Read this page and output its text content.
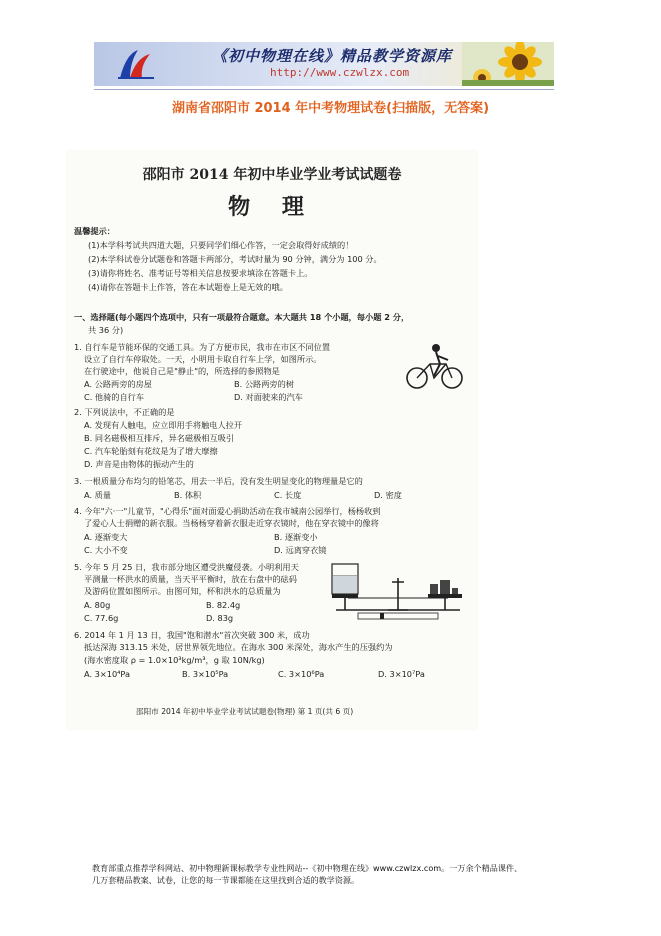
《初中物理在线》精品教学资源库
http://www.czwlzx.com
湖南省邵阳市 2014 年中考物理试卷(扫描版，无答案)
邵阳市 2014 年初中毕业学业考试试题卷
物 理
温馨提示：
(1)本学科考试共四道大题，只要同学们细心作答，一定会取得好成绩的！
(2)本学科试卷分试题卷和答题卡两部分，考试时量为 90 分钟，满分为 100 分。
(3)请你将姓名、准考证号等相关信息按要求填涂在答题卡上。
(4)请你在答题卡上作答，答在本试题卷上是无效的哦。
一、选择题(每小题四个选项中，只有一项最符合题意。本大题共 18 个小题，每小题 2 分，
共 36 分)
1. 自行车是节能环保的交通工具。为了方便市民，我市在市区不同位置
设立了自行车停取处。一天，小明用卡取自行车上学，如图所示。
在行驶途中，他说自己是"静止"的，所选择的参照物是
A. 公路两旁的房屋	B. 公路两旁的树
C. 他骑的自行车	D. 对面驶来的汽车
2. 下列说法中，不正确的是
A. 发现有人触电，应立即用手将触电人拉开
B. 同名磁极相互排斥，异名磁极相互吸引
C. 汽车轮胎刻有花纹是为了增大摩擦
D. 声音是由物体的振动产生的
3. 一根质量分布均匀的铅笔芯，用去一半后，没有发生明显变化的物理量是它的
A. 质量	B. 体积	C. 长度	D. 密度
4. 今年"六·一"儿童节，"心得乐"面对面爱心捐助活动在我市城南公园举行，杨杨收到
了爱心人士捐赠的新衣服。当杨杨穿着新衣服走近穿衣镜时，他在穿衣镜中的像将
A. 逐渐变大	B. 逐渐变小
C. 大小不变	D. 远离穿衣镜
5. 今年 5 月 25 日，我市部分地区遭受洪魔侵袭。小明利用天
平测量一杯洪水的质量，当天平平衡时，放在右盘中的砝码
及游码位置如图所示。由图可知，杯和洪水的总质量为
A. 80g	B. 82.4g
C. 77.6g	D. 83g
6. 2014 年 1 月 13 日，我国"饱和潜水"首次突破 300 米，成功
抵达深海 313.15 米处，居世界领先地位。在海水 300 米深处，海水产生的压强约为
(海水密度取 ρ = 1.0×10³kg/m³，g 取 10N/kg)
A. 3×10⁴Pa	B. 3×10⁵Pa	C. 3×10⁶Pa	D. 3×10⁷Pa
邵阳市 2014 年初中毕业学业考试试题卷(物理) 第 1 页(共 6 页)
教育部重点推荐学科网站、初中物理新课标教学专业性网站--《初中物理在线》www.czwlzx.com。一万余个精品课件、
几万套精品教案、试卷，让您的每一节课都能在这里找到合适的教学资源。
